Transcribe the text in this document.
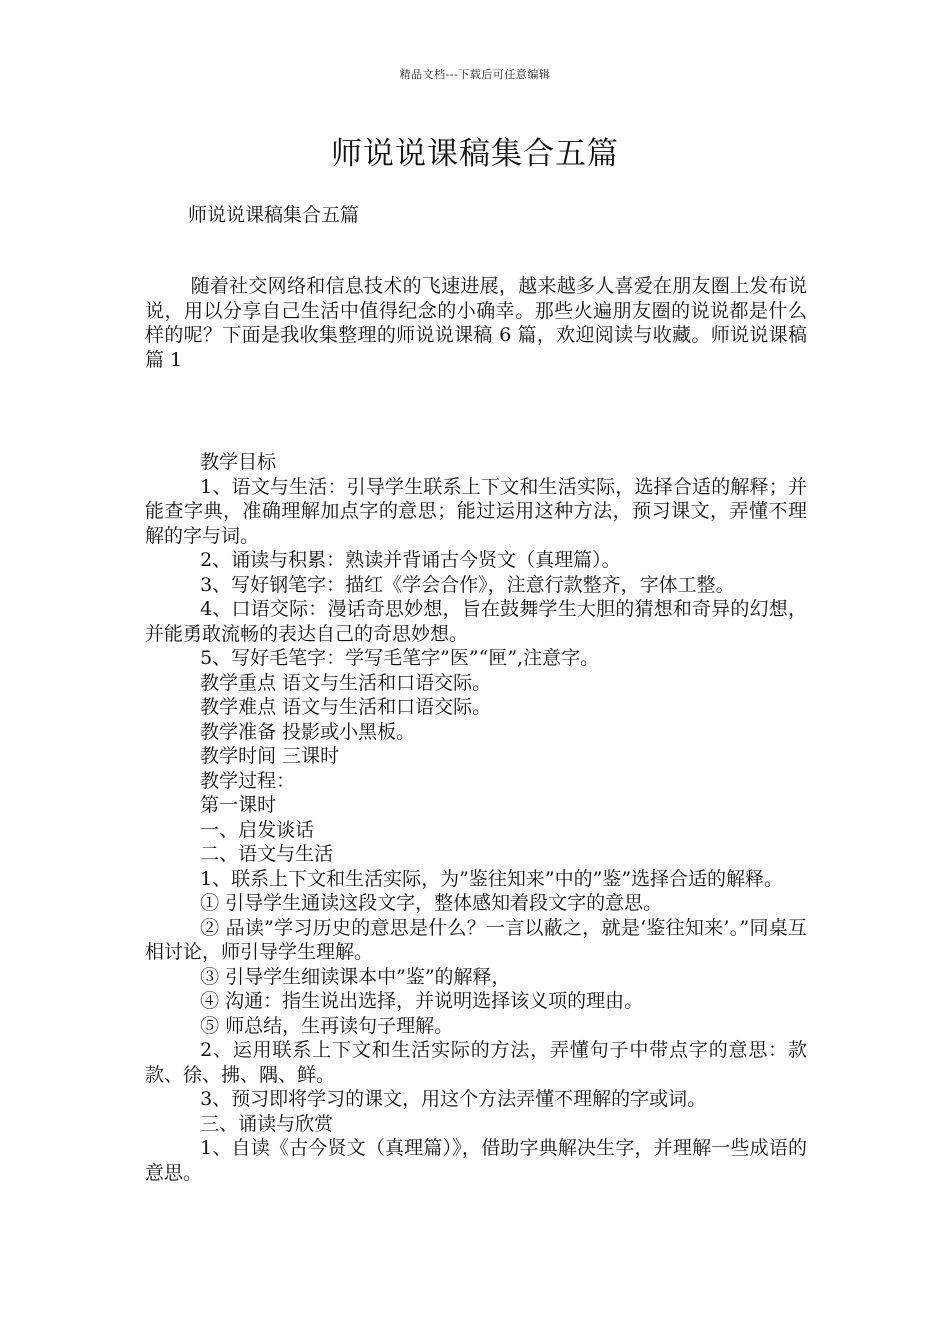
精品文档---下载后可任意编辑
师说说课稿集合五篇

师说说课稿集合五篇

随着社交网络和信息技术的飞速进展，越来越多人喜爱在朋友圈上发布说说，用以分享自己生活中值得纪念的小确幸。那些火遍朋友圈的说说都是什么样的呢？下面是我收集整理的师说说课稿 6 篇，欢迎阅读与收藏。师说说课稿 篇 1

教学目标

1、语文与生活：引导学生联系上下文和生活实际，选择合适的解释；并能查字典，准确理解加点字的意思；能过运用这种方法，预习课文，弄懂不理解的字与词。

2、诵读与积累：熟读并背诵古今贤文（真理篇）。

3、写好钢笔字：描红《学会合作》，注意行款整齐，字体工整。

4、口语交际：漫话奇思妙想，旨在鼓舞学生大胆的猜想和奇异的幻想，并能勇敢流畅的表达自己的奇思妙想。

5、写好毛笔字：学写毛笔字”医”“匣”,注意字。

教学重点 语文与生活和口语交际。

教学难点 语文与生活和口语交际。

教学准备 投影或小黑板。

教学时间 三课时

教学过程：

第一课时

一、启发谈话

二、语文与生活

1、联系上下文和生活实际，为”鉴往知来”中的”鉴”选择合适的解释。

① 引导学生通读这段文字，整体感知着段文字的意思。

② 品读”学习历史的意思是什么？一言以蔽之，就是‘鉴往知来’。”同桌互相讨论，师引导学生理解。

③ 引导学生细读课本中”鉴”的解释，

④ 沟通：指生说出选择，并说明选择该义项的理由。

⑤ 师总结，生再读句子理解。

2、运用联系上下文和生活实际的方法，弄懂句子中带点字的意思：款款、徐、拂、隅、鲜。

3、预习即将学习的课文，用这个方法弄懂不理解的字或词。

三、诵读与欣赏

1、自读《古今贤文（真理篇）》，借助字典解决生字，并理解一些成语的意思。
